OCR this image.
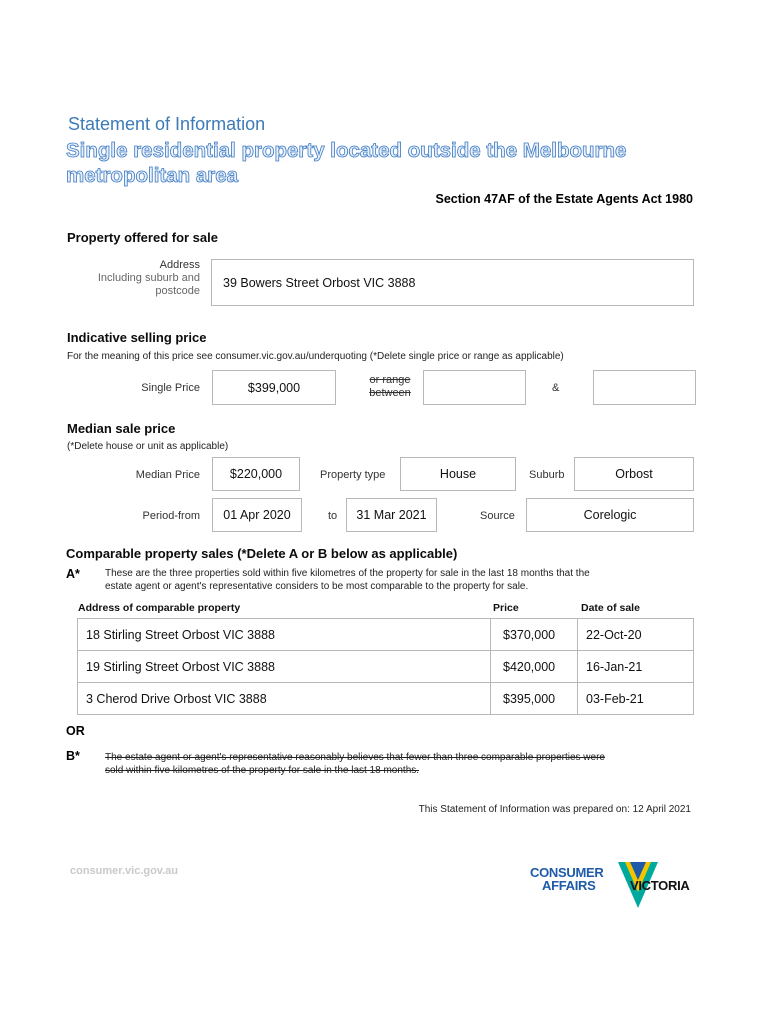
Statement of Information
Single residential property located outside the Melbourne metropolitan area
Section 47AF of the Estate Agents Act 1980
Property offered for sale
Address
Including suburb and
postcode
39 Bowers Street Orbost VIC 3888
Indicative selling price
For the meaning of this price see consumer.vic.gov.au/underquoting (*Delete single price or range as applicable)
Single Price	$399,000
or range
between	&
Median sale price
(*Delete house or unit as applicable)
Median Price $220,000	Property type	House	Suburb	Orbost
Period-from 01 Apr 2020	to 31 Mar 2021	Source	Corelogic
Comparable property sales (*Delete A or B below as applicable)
A*	These are the three properties sold within five kilometres of the property for sale in the last 18 months that the
estate agent or agent's representative considers to be most comparable to the property for sale.
Address of comparable property	Price	Date of sale
18 Stirling Street Orbost VIC 3888	$370,000 22-Oct-20
19 Stirling Street Orbost VIC 3888	$420,000 16-Jan-21
3 Cherod Drive Orbost VIC 3888	$395,000 03-Feb-21
OR
B*	The estate agent or agent's representative reasonably believes that fewer than three comparable properties were
sold within five kilometres of the property for sale in the last 18 months.
This Statement of Information was prepared on: 12 April 2021
consumer.vic.gov.au	CONSUMER
AFFAIRS	VICTORIA
